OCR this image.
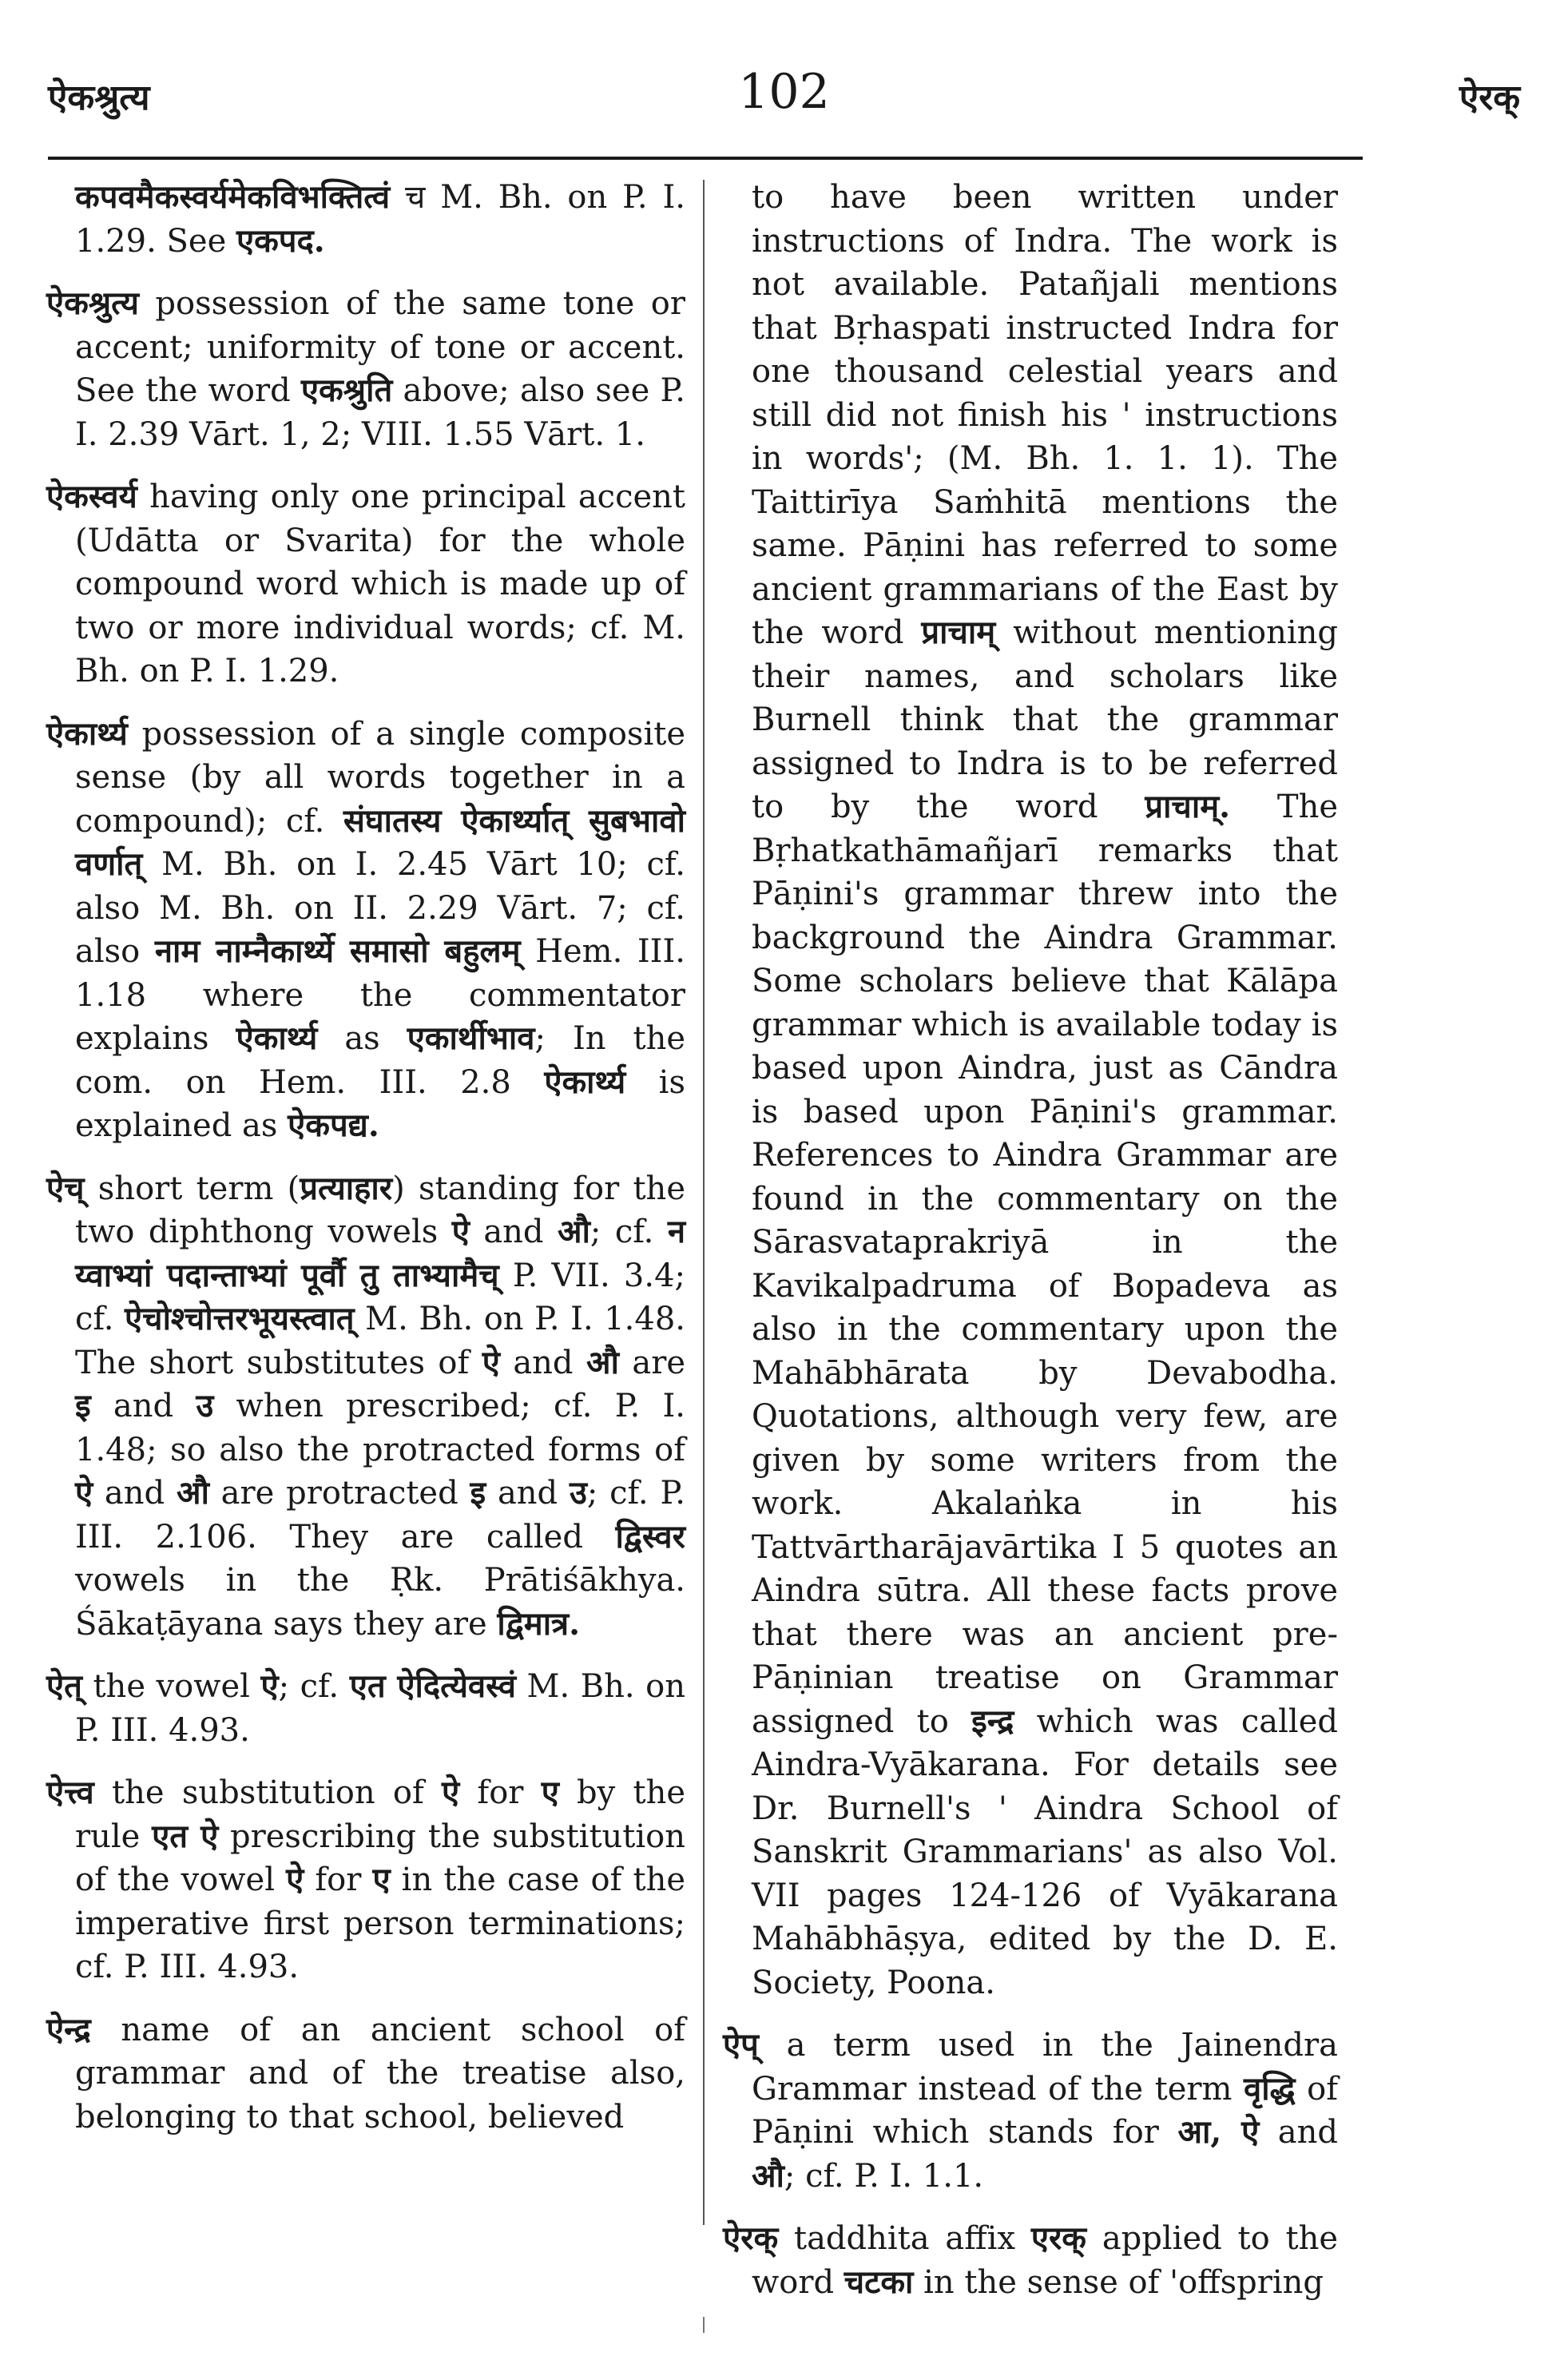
ऐकश्रुत्य	102	ऐरक्

कपवमैकस्वर्यमेकविभक्तित्वं च M. Bh. on P. I. 1.29. See एकपद.

ऐकश्रुत्य possession of the same tone or accent; uniformity of tone or accent. See the word एकश्रुति above; also see P. I. 2.39 Vārt. 1, 2; VIII. 1.55 Vārt. 1.

ऐकस्वर्य having only one principal accent (Udātta or Svarita) for the whole compound word which is made up of two or more individual words; cf. M. Bh. on P. I. 1.29.

ऐकार्थ्य possession of a single composite sense (by all words together in a compound); cf. संघातस्य ऐकार्थ्यात् सुबभावो वर्णात् M. Bh. on I. 2.45 Vārt 10; cf. also M. Bh. on II. 2.29 Vārt. 7; cf. also नाम नाम्नैकार्थ्ये समासो बहुलम् Hem. III. 1.18 where the commentator explains ऐकार्थ्य as एकार्थीभाव; In the com. on Hem. III. 2.8 ऐकार्थ्य is explained as ऐकपद्य.

ऐच् short term (प्रत्याहार) standing for the two diphthong vowels ऐ and औ; cf. न य्वाभ्यां पदान्ताभ्यां पूर्वौ तु ताभ्यामैच् P. VII. 3.4; cf. ऐचोश्चोत्तरभूयस्त्वात् M. Bh. on P. I. 1.48. The short substitutes of ऐ and औ are इ and उ when prescribed; cf. P. I. 1.48; so also the protracted forms of ऐ and औ are protracted इ and उ; cf. P. III. 2.106. They are called द्विस्वर vowels in the Ṛk. Prātiśākhya. Śākaṭāyana says they are द्विमात्र.

ऐत् the vowel ऐ; cf. एत ऐदित्येवस्वं M. Bh. on P. III. 4.93.

ऐत्त्व the substitution of ऐ for ए by the rule एत ऐ prescribing the substitution of the vowel ऐ for ए in the case of the imperative first person terminations; cf. P. III. 4.93.

ऐन्द्र name of an ancient school of grammar and of the treatise also, belonging to that school, believed

to have been written under instructions of Indra. The work is not available. Patañjali mentions that Bṛhaspati instructed Indra for one thousand celestial years and still did not finish his ' instructions in words'; (M. Bh. 1. 1. 1). The Taittirīya Saṁhitā mentions the same. Pāṇini has referred to some ancient grammarians of the East by the word प्राचाम् without mentioning their names, and scholars like Burnell think that the grammar assigned to Indra is to be referred to by the word प्राचाम्. The Bṛhatkathāmañjarī remarks that Pāṇini's grammar threw into the background the Aindra Grammar. Some scholars believe that Kālāpa grammar which is available today is based upon Aindra, just as Cāndra is based upon Pāṇini's grammar. References to Aindra Grammar are found in the commentary on the Sārasvataprakriyā in the Kavikalpadruma of Bopadeva as also in the commentary upon the Mahābhārata by Devabodha. Quotations, although very few, are given by some writers from the work. Akalaṅka in his Tattvārtharājavārtika I 5 quotes an Aindra sūtra. All these facts prove that there was an ancient pre-Pāṇinian treatise on Grammar assigned to इन्द्र which was called Aindra-Vyākarana. For details see Dr. Burnell's ' Aindra School of Sanskrit Grammarians' as also Vol. VII pages 124-126 of Vyākarana Mahābhāṣya, edited by the D. E. Society, Poona.

ऐप् a term used in the Jainendra Grammar instead of the term वृद्धि of Pāṇini which stands for आ, ऐ and औ; cf. P. I. 1.1.

ऐरक् taddhita affix एरक् applied to the word चटका in the sense of 'offspring
